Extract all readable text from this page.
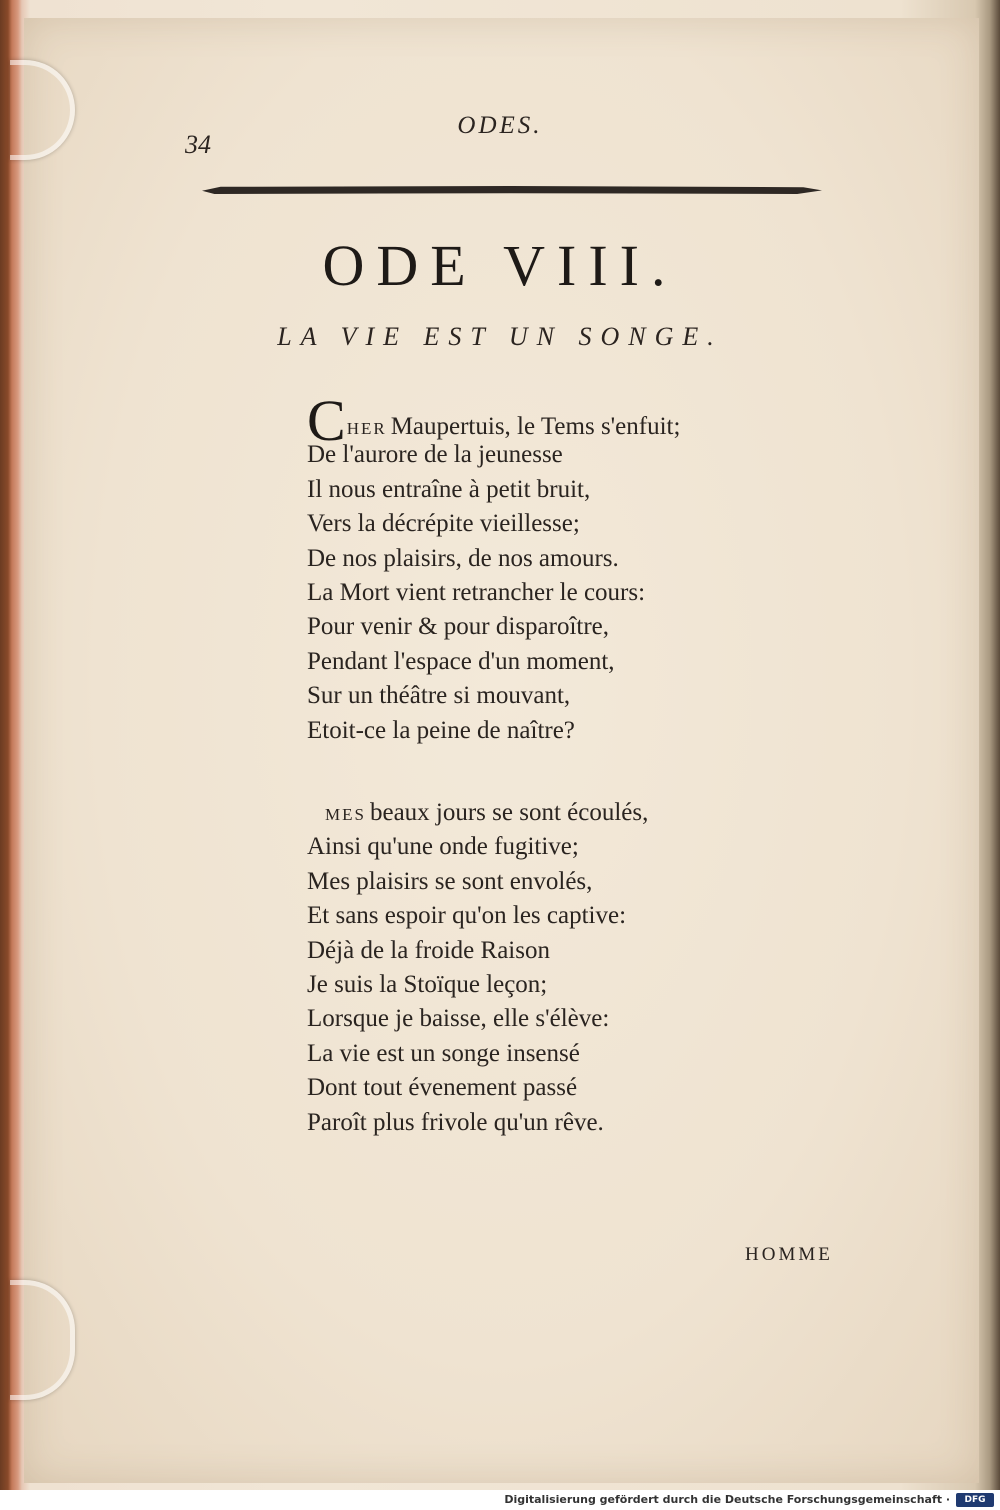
34
ODES.
ODE VIII.
LA VIE EST UN SONGE.
CHER Maupertuis, le Tems s'enfuit;
De l'aurore de la jeunesse
Il nous entraîne à petit bruit,
Vers la décrépite vieillesse;
De nos plaisirs, de nos amours.
La Mort vient retrancher le cours:
Pour venir & pour disparoître,
Pendant l'espace d'un moment,
Sur un théâtre si mouvant,
Etoit-ce la peine de naître?
MES beaux jours se sont écoulés,
Ainsi qu'une onde fugitive;
Mes plaisirs se sont envolés,
Et sans espoir qu'on les captive:
Déjà de la froide Raison
Je suis la Stoïque leçon;
Lorsque je baisse, elle s'élève:
La vie est un songe insensé
Dont tout évenement passé
Paroît plus frivole qu'un rêve.
HOMME
Digitalisierung gefördert durch die Deutsche Forschungsgemeinschaft ·	DFG
